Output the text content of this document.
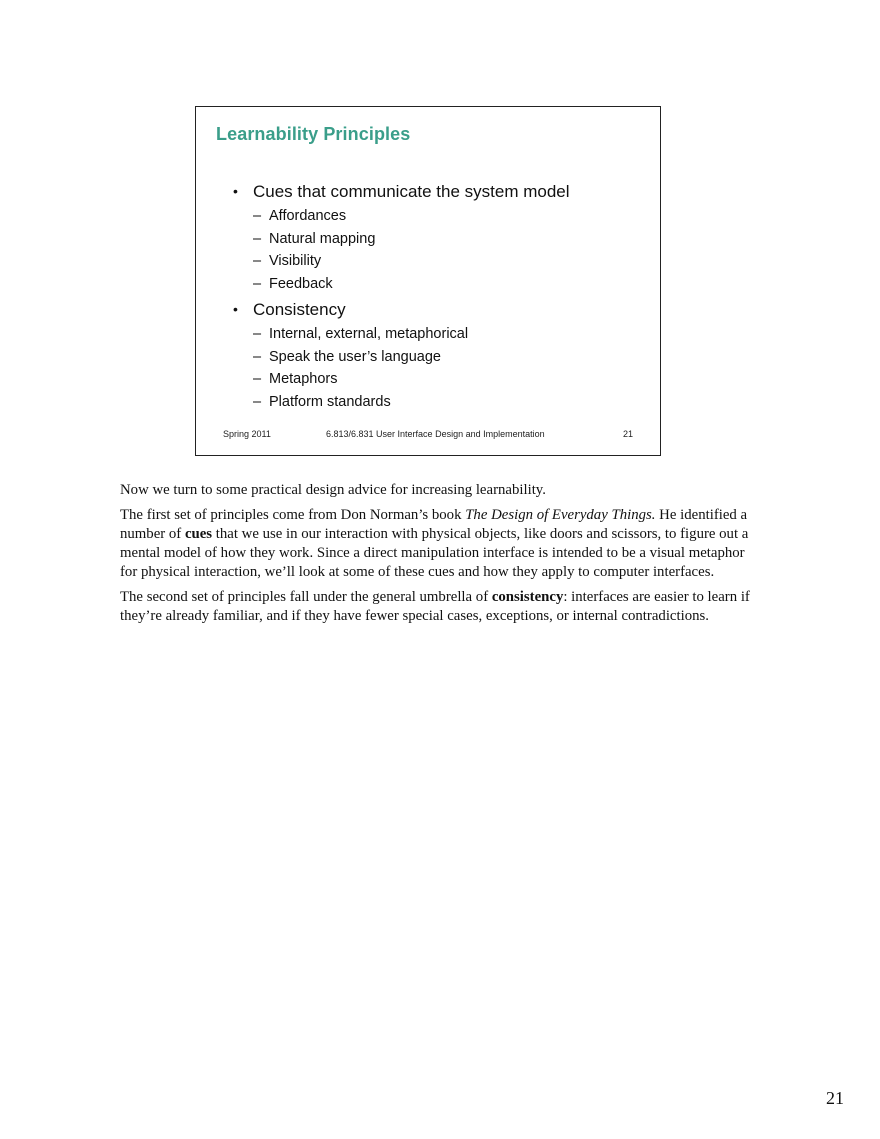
Learnability Principles
• Cues that communicate the system model
– Affordances
– Natural mapping
– Visibility
– Feedback
• Consistency
– Internal, external, metaphorical
– Speak the user’s language
– Metaphors
– Platform standards
Spring 2011	6.813/6.831 User Interface Design and Implementation	21

Now we turn to some practical design advice for increasing learnability.

The first set of principles come from Don Norman’s book The Design of Everyday Things. He identified a number of cues that we use in our interaction with physical objects, like doors and scissors, to figure out a mental model of how they work. Since a direct manipulation interface is intended to be a visual metaphor for physical interaction, we’ll look at some of these cues and how they apply to computer interfaces.

The second set of principles fall under the general umbrella of consistency: interfaces are easier to learn if they’re already familiar, and if they have fewer special cases, exceptions, or internal contradictions.

21
